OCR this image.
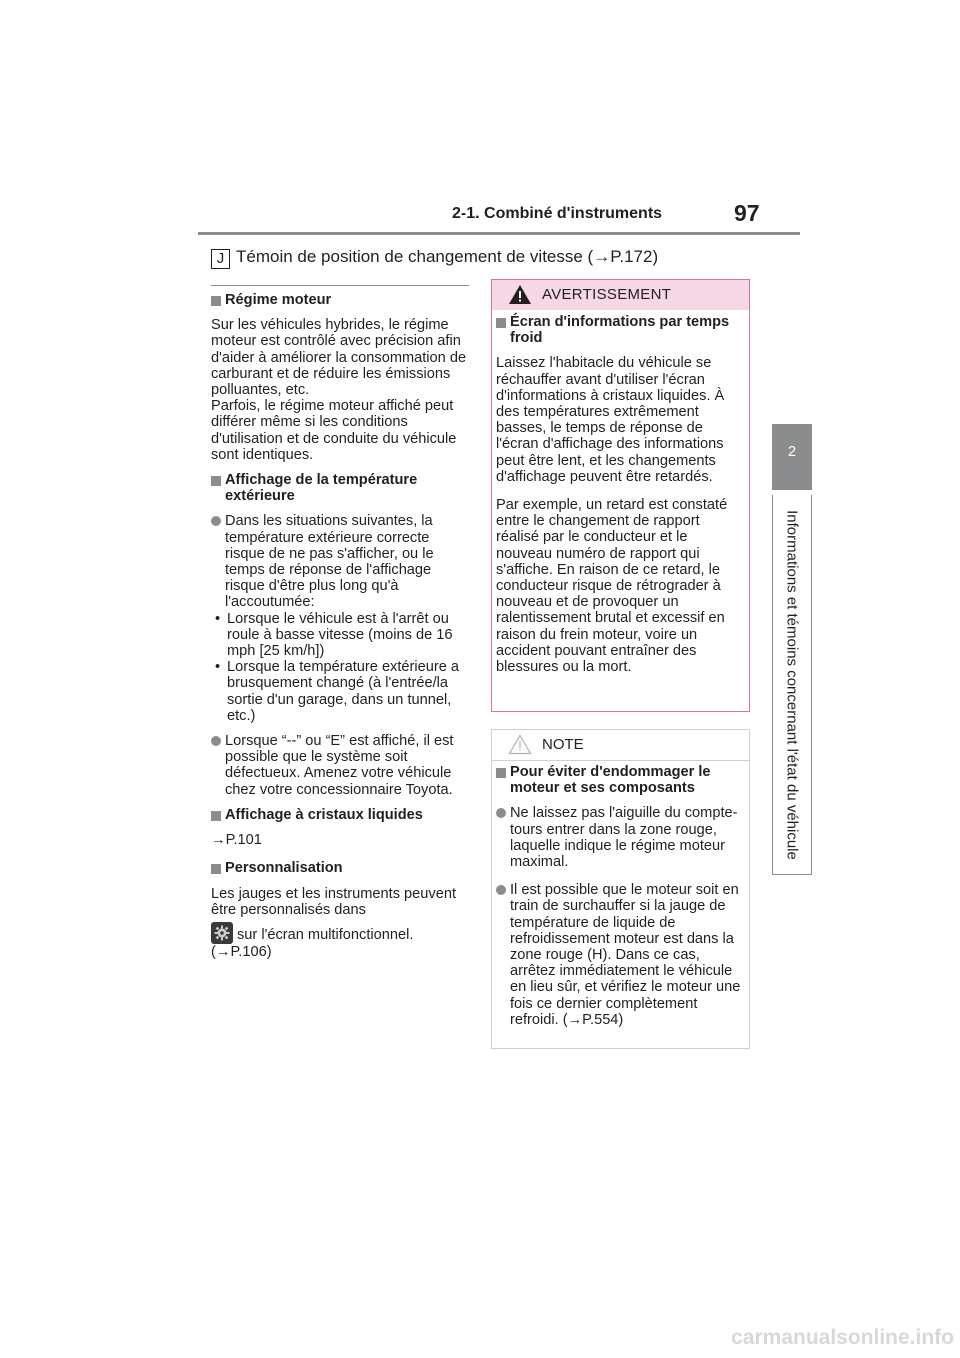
2-1. Combiné d'instruments	97
2
Informations et témoins concernant l'état du véhicule
J Témoin de position de changement de vitesse (→P.172)

Régime moteur

Sur les véhicules hybrides, le régime moteur est contrôlé avec précision afin d'aider à améliorer la consommation de carburant et de réduire les émissions polluantes, etc.

Parfois, le régime moteur affiché peut différer même si les conditions d'utilisation et de conduite du véhicule sont identiques.

Affichage de la température extérieure

Dans les situations suivantes, la température extérieure correcte risque de ne pas s'afficher, ou le temps de réponse de l'affichage risque d'être plus long qu'à l'accoutumée:

• Lorsque le véhicule est à l'arrêt ou roule à basse vitesse (moins de 16 mph [25 km/h])

• Lorsque la température extérieure a brusquement changé (à l'entrée/la sortie d'un garage, dans un tunnel, etc.)

Lorsque “--” ou “E” est affiché, il est possible que le système soit défectueux. Amenez votre véhicule chez votre concessionnaire Toyota.

Affichage à cristaux liquides

→P.101

Personnalisation

Les jauges et les instruments peuvent être personnalisés dans

sur l'écran multifonctionnel.

(→P.106)

AVERTISSEMENT

Écran d'informations par temps froid

Laissez l'habitacle du véhicule se réchauffer avant d'utiliser l'écran d'informations à cristaux liquides. À des températures extrêmement basses, le temps de réponse de l'écran d'affichage des informations peut être lent, et les changements d'affichage peuvent être retardés.

Par exemple, un retard est constaté entre le changement de rapport réalisé par le conducteur et le nouveau numéro de rapport qui s'affiche. En raison de ce retard, le conducteur risque de rétrograder à nouveau et de provoquer un ralentissement brutal et excessif en raison du frein moteur, voire un accident pouvant entraîner des blessures ou la mort.

NOTE

Pour éviter d'endommager le moteur et ses composants

Ne laissez pas l'aiguille du compte-tours entrer dans la zone rouge, laquelle indique le régime moteur maximal.

Il est possible que le moteur soit en train de surchauffer si la jauge de température de liquide de refroidissement moteur est dans la zone rouge (H). Dans ce cas, arrêtez immédiatement le véhicule en lieu sûr, et vérifiez le moteur une fois ce dernier complètement refroidi. (→P.554)

carmanualsonline.info
